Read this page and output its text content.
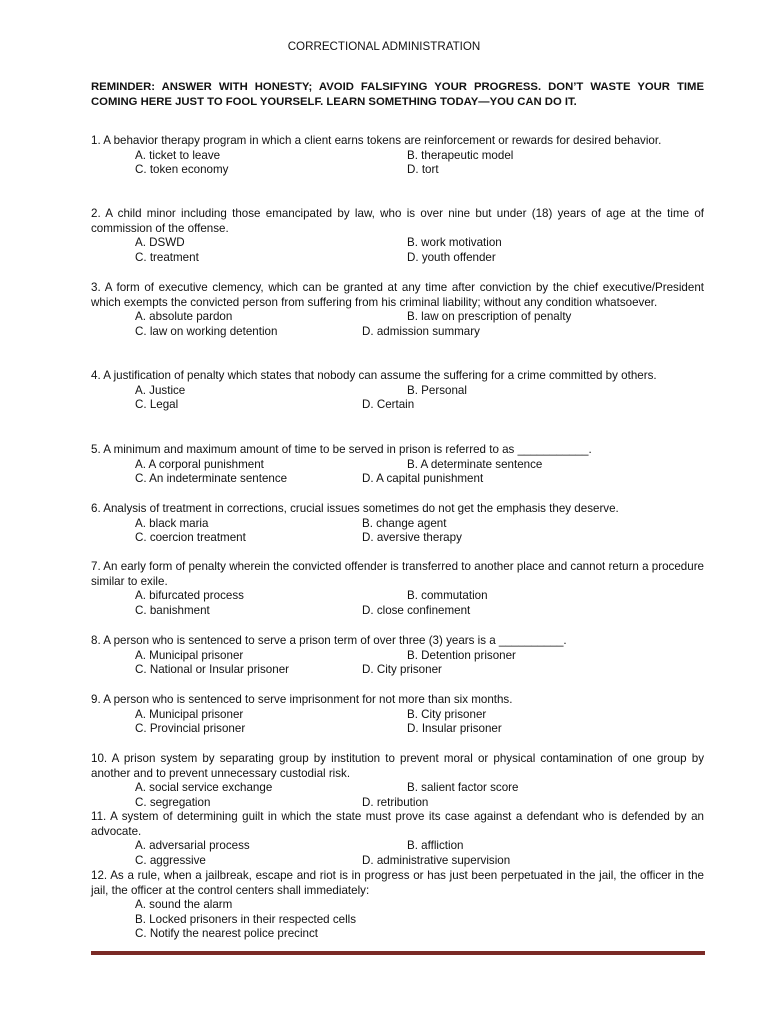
CORRECTIONAL ADMINISTRATION
REMINDER: ANSWER WITH HONESTY; AVOID FALSIFYING YOUR PROGRESS. DON’T WASTE YOUR TIME COMING HERE JUST TO FOOL YOURSELF. LEARN SOMETHING TODAY—YOU CAN DO IT.

1. A behavior therapy program in which a client earns tokens are reinforcement or rewards for desired behavior.

A. ticket to leave	B. therapeutic model
C. token economy	D. tort

2. A child minor including those emancipated by law, who is over nine but under (18) years of age at the time of commission of the offense.

A. DSWD	B. work motivation
C. treatment	D. youth offender

3. A form of executive clemency, which can be granted at any time after conviction by the chief executive/President which exempts the convicted person from suffering from his criminal liability; without any condition whatsoever.

A. absolute pardon	B. law on prescription of penalty
C. law on working detention	D. admission summary

4. A justification of penalty which states that nobody can assume the suffering for a crime committed by others.

A. Justice	B. Personal
C. Legal	D. Certain

5. A minimum and maximum amount of time to be served in prison is referred to as ___________.

A. A corporal punishment	B. A determinate sentence
C. An indeterminate sentence	D. A capital punishment

6. Analysis of treatment in corrections, crucial issues sometimes do not get the emphasis they deserve.

A. black maria	B. change agent
C. coercion treatment	D. aversive therapy

7. An early form of penalty wherein the convicted offender is transferred to another place and cannot return a procedure similar to exile.

A. bifurcated process	B. commutation
C. banishment	D. close confinement

8. A person who is sentenced to serve a prison term of over three (3) years is a __________.

A. Municipal prisoner	B. Detention prisoner
C. National or Insular prisoner	D. City prisoner

9. A person who is sentenced to serve imprisonment for not more than six months.

A. Municipal prisoner	B. City prisoner
C. Provincial prisoner	D. Insular prisoner

10. A prison system by separating group by institution to prevent moral or physical contamination of one group by another and to prevent unnecessary custodial risk.

A. social service exchange	B. salient factor score
C. segregation	D. retribution

11. A system of determining guilt in which the state must prove its case against a defendant who is defended by an advocate.

A. adversarial process	B. affliction
C. aggressive	D. administrative supervision

12. As a rule, when a jailbreak, escape and riot is in progress or has just been perpetuated in the jail, the officer in the jail, the officer at the control centers shall immediately:

A. sound the alarm
B. Locked prisoners in their respected cells
C. Notify the nearest police precinct
